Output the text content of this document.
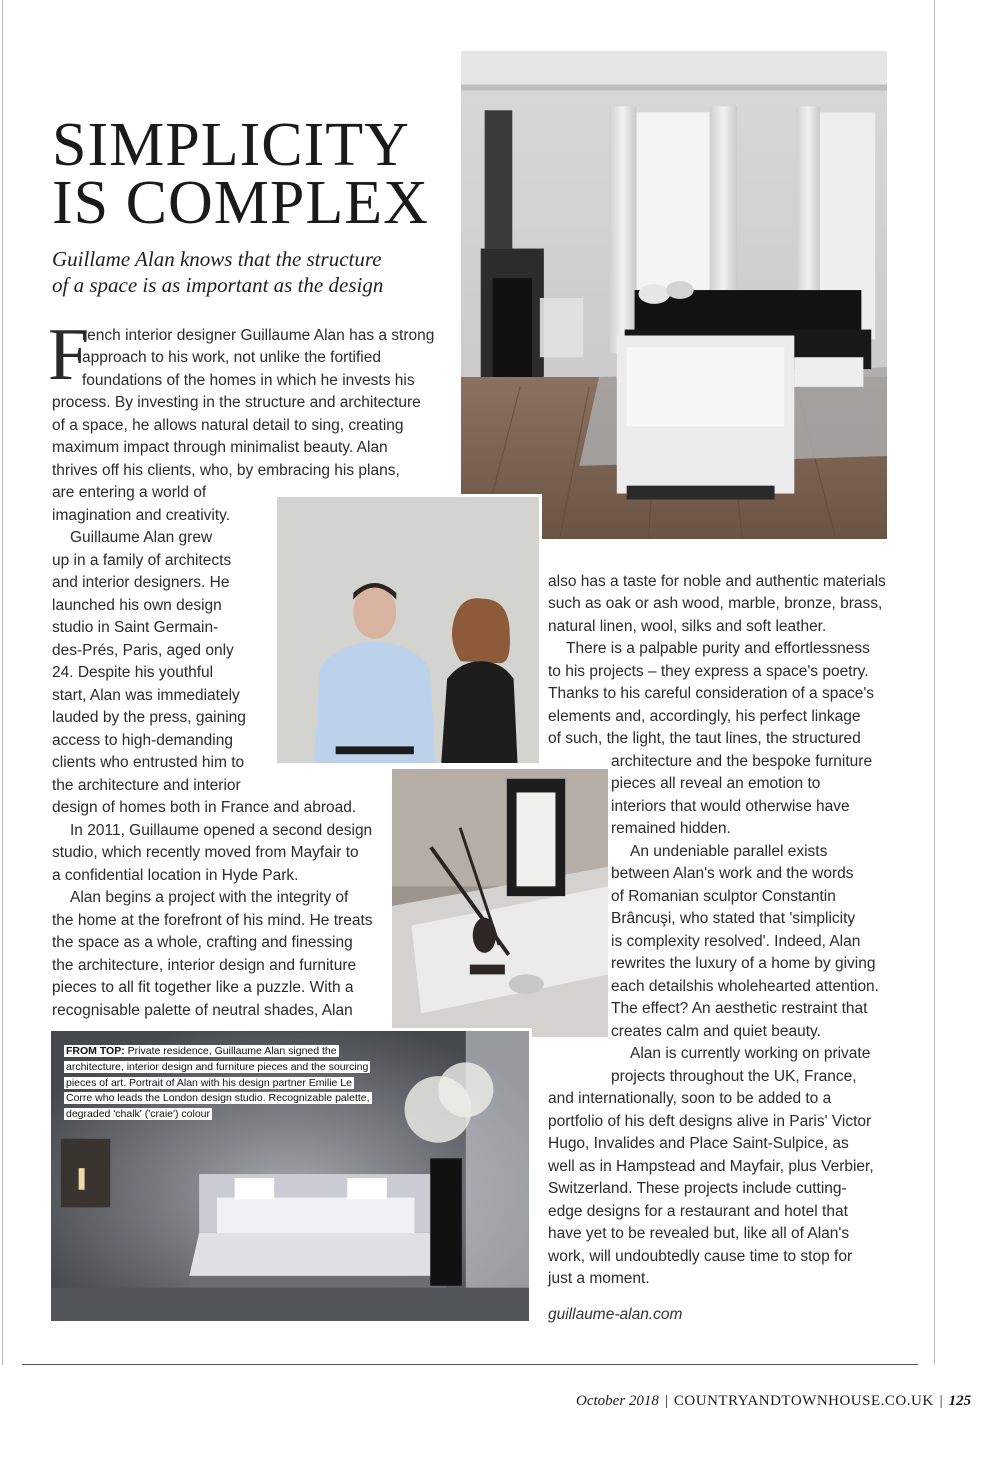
SIMPLICITY
IS COMPLEX
Guillame Alan knows that the structure
of a space is as important as the design
FROM TOP: Private residence, Guillaume Alan signed the
architecture, interior design and furniture pieces and the sourcing
pieces of art. Portrait of Alan with his design partner Emilie Le
Corre who leads the London design studio. Recognizable palette,
degraded 'chalk' ('craie') colour
F
rench interior designer Guillaume Alan has a strong
approach to his work, not unlike the fortified
foundations of the homes in which he invests his
process. By investing in the structure and architecture
of a space, he allows natural detail to sing, creating
maximum impact through minimalist beauty. Alan
thrives off his clients, who, by embracing his plans,
are entering a world of
imagination and creativity.
Guillaume Alan grew
up in a family of architects
and interior designers. He
launched his own design
studio in Saint Germain-
des-Prés, Paris, aged only
24. Despite his youthful
start, Alan was immediately
lauded by the press, gaining
access to high-demanding
clients who entrusted him to
the architecture and interior
design of homes both in France and abroad.
In 2011, Guillaume opened a second design
studio, which recently moved from Mayfair to
a confidential location in Hyde Park.
Alan begins a project with the integrity of
the home at the forefront of his mind. He treats
the space as a whole, crafting and finessing
the architecture, interior design and furniture
pieces to all fit together like a puzzle. With a
recognisable palette of neutral shades, Alan
also has a taste for noble and authentic materials
such as oak or ash wood, marble, bronze, brass,
natural linen, wool, silks and soft leather.
There is a palpable purity and effortlessness
to his projects – they express a space's poetry.
Thanks to his careful consideration of a space's
elements and, accordingly, his perfect linkage
of such, the light, the taut lines, the structured
architecture and the bespoke furniture
pieces all reveal an emotion to
interiors that would otherwise have
remained hidden.
An undeniable parallel exists
between Alan's work and the words
of Romanian sculptor Constantin
Brâncuşi, who stated that 'simplicity
is complexity resolved'. Indeed, Alan
rewrites the luxury of a home by giving
each detailshis wholehearted attention.
The effect? An aesthetic restraint that
creates calm and quiet beauty.
Alan is currently working on private
projects throughout the UK, France,
and internationally, soon to be added to a
portfolio of his deft designs alive in Paris' Victor
Hugo, Invalides and Place Saint-Sulpice, as
well as in Hampstead and Mayfair, plus Verbier,
Switzerland. These projects include cutting-
edge designs for a restaurant and hotel that
have yet to be revealed but, like all of Alan's
work, will undoubtedly cause time to stop for
just a moment.
guillaume-alan.com
October 2018 | COUNTRYANDTOWNHOUSE.CO.UK | 125
